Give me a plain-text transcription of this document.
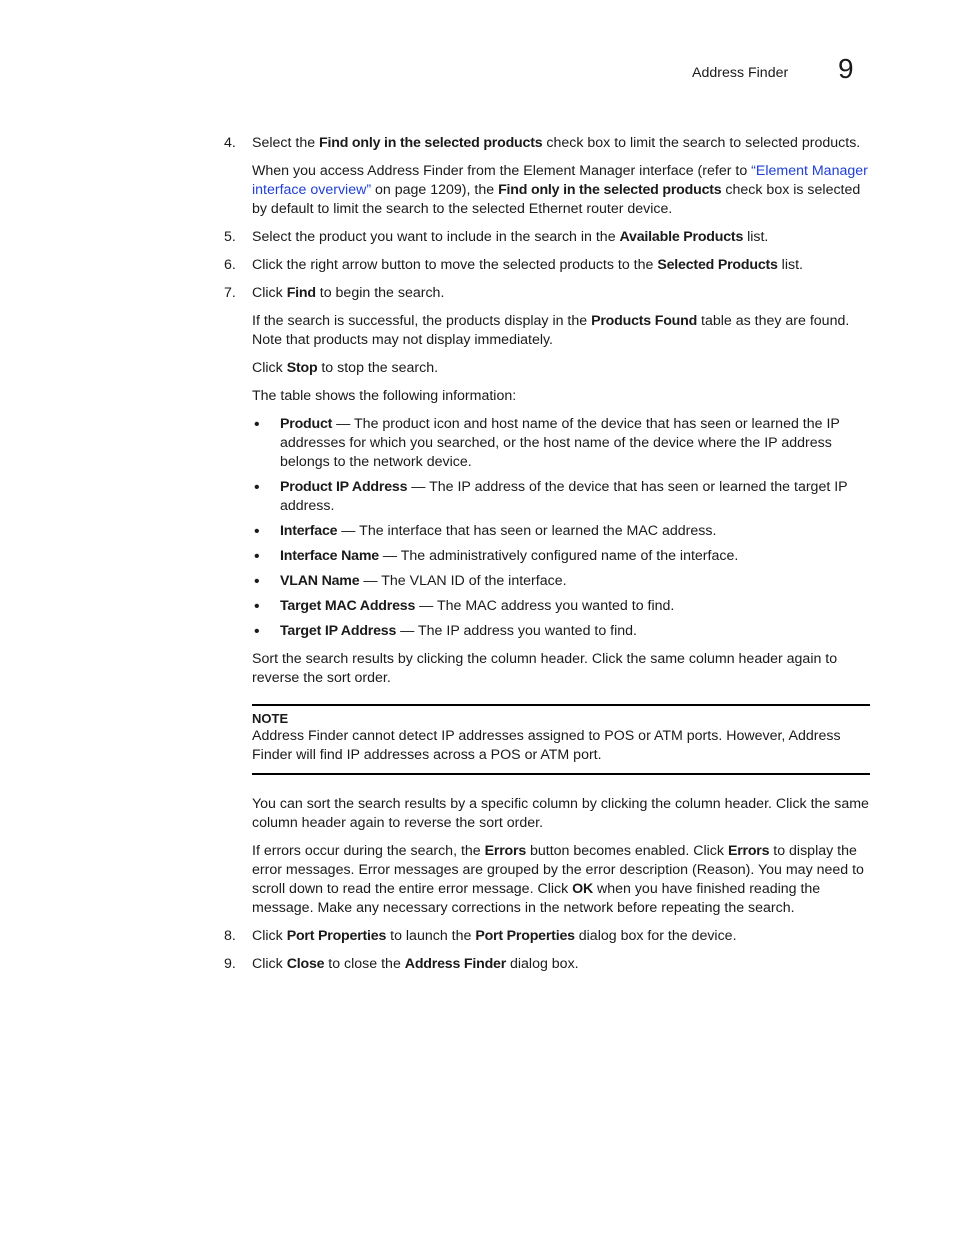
Address Finder 9
4. Select the Find only in the selected products check box to limit the search to selected products.
When you access Address Finder from the Element Manager interface (refer to “Element Manager interface overview” on page 1209), the Find only in the selected products check box is selected by default to limit the search to the selected Ethernet router device.
5. Select the product you want to include in the search in the Available Products list.
6. Click the right arrow button to move the selected products to the Selected Products list.
7. Click Find to begin the search.
If the search is successful, the products display in the Products Found table as they are found. Note that products may not display immediately.
Click Stop to stop the search.
The table shows the following information:
• Product — The product icon and host name of the device that has seen or learned the IP addresses for which you searched, or the host name of the device where the IP address belongs to the network device.
• Product IP Address — The IP address of the device that has seen or learned the target IP address.
• Interface — The interface that has seen or learned the MAC address.
• Interface Name — The administratively configured name of the interface.
• VLAN Name — The VLAN ID of the interface.
• Target MAC Address — The MAC address you wanted to find.
• Target IP Address — The IP address you wanted to find.
Sort the search results by clicking the column header. Click the same column header again to reverse the sort order.
NOTE
Address Finder cannot detect IP addresses assigned to POS or ATM ports. However, Address Finder will find IP addresses across a POS or ATM port.
You can sort the search results by a specific column by clicking the column header. Click the same column header again to reverse the sort order.
If errors occur during the search, the Errors button becomes enabled. Click Errors to display the error messages. Error messages are grouped by the error description (Reason). You may need to scroll down to read the entire error message. Click OK when you have finished reading the message. Make any necessary corrections in the network before repeating the search.
8. Click Port Properties to launch the Port Properties dialog box for the device.
9. Click Close to close the Address Finder dialog box.
